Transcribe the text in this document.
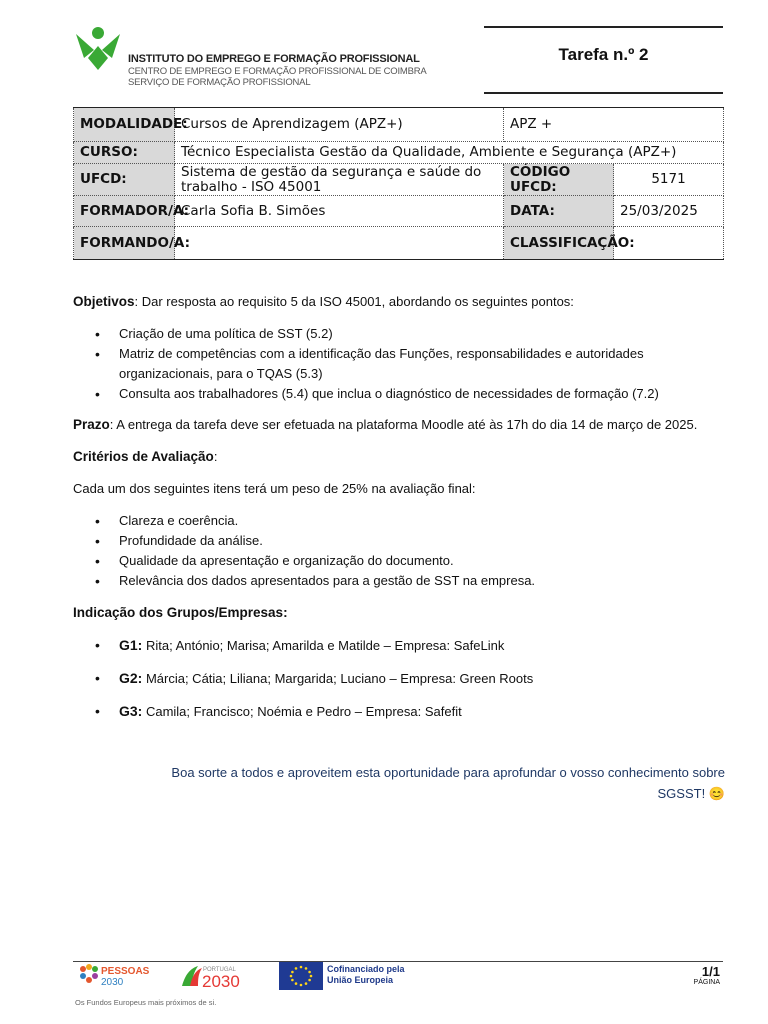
INSTITUTO DO EMPREGO E FORMAÇÃO PROFISSIONAL
CENTRO DE EMPREGO E FORMAÇÃO PROFISSIONAL DE COIMBRA
SERVIÇO DE FORMAÇÃO PROFISSIONAL
Tarefa n.º 2
MODALIDADE:	Cursos de Aprendizagem (APZ+)	APZ +	
CURSO:	Técnico Especialista Gestão da Qualidade, Ambiente e Segurança (APZ+)		
UFCD:	Sistema de gestão da segurança e saúde do trabalho - ISO 45001	CÓDIGO UFCD:	5171
FORMADOR/A:	Carla Sofia B. Simões	DATA:	25/03/2025
FORMANDO/A:		CLASSIFICAÇÃO:	

Objetivos: Dar resposta ao requisito 5 da ISO 45001, abordando os seguintes pontos:

• Criação de uma política de SST (5.2)
• Matriz de competências com a identificação das Funções, responsabilidades e autoridades organizacionais, para o TQAS (5.3)
• Consulta aos trabalhadores (5.4) que inclua o diagnóstico de necessidades de formação (7.2)

Prazo: A entrega da tarefa deve ser efetuada na plataforma Moodle até às 17h do dia 14 de março de 2025.

Critérios de Avaliação:

Cada um dos seguintes itens terá um peso de 25% na avaliação final:

• Clareza e coerência.
• Profundidade da análise.
• Qualidade da apresentação e organização do documento.
• Relevância dos dados apresentados para a gestão de SST na empresa.

Indicação dos Grupos/Empresas:

• G1: Rita; António; Marisa; Amarilda e Matilde – Empresa: SafeLink
• G2: Márcia; Cátia; Liliana; Margarida; Luciano – Empresa: Green Roots
• G3: Camila; Francisco; Noémia e Pedro – Empresa: Safefit
Boa sorte a todos e aproveitem esta oportunidade para aprofundar o vosso conhecimento sobre
SGSST! 😊
PESSOAS
2030
PORTUGAL
2030
Cofinanciado pela
União Europeia
Os Fundos Europeus mais próximos de si.
1/1
PÁGINA
